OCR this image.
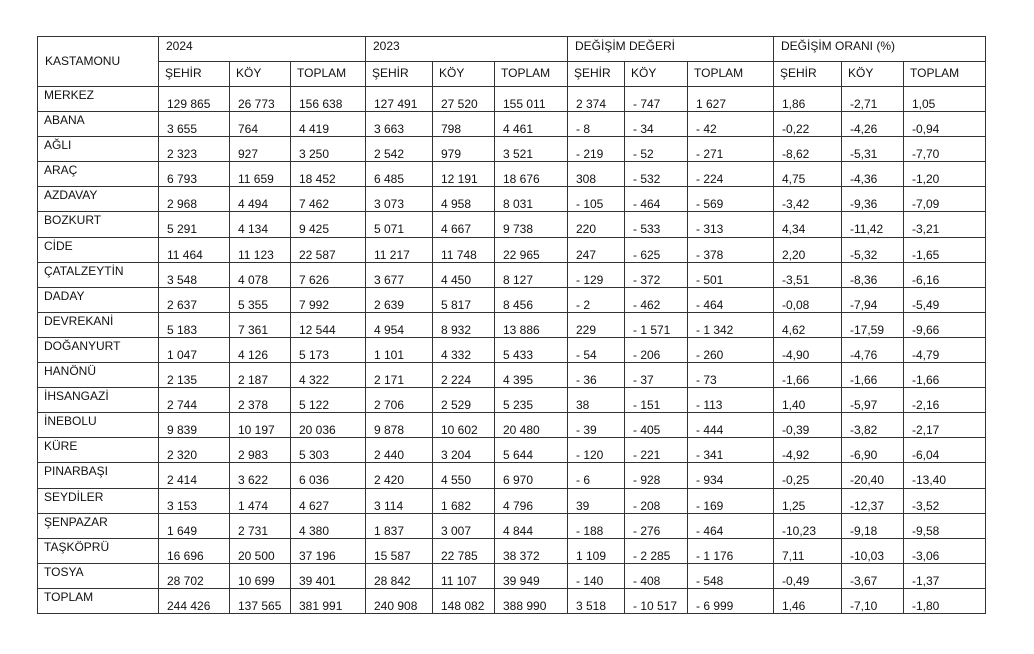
KASTAMONU	2024			2023			DEĞİŞİM DEĞERİ			DEĞİŞİM ORANI (%)		

	ŞEHİR	KÖY	TOPLAM	ŞEHİR	KÖY	TOPLAM	ŞEHİR	KÖY	TOPLAM	ŞEHİR	KÖY	TOPLAM

MERKEZ	129 865	26 773	156 638	127 491	27 520	155 011	2 374	- 747	1 627	1,86	-2,71	1,05

ABANA	3 655	764	4 419	3 663	798	4 461	- 8	- 34	- 42	-0,22	-4,26	-0,94

AĞLI	2 323	927	3 250	2 542	979	3 521	- 219	- 52	- 271	-8,62	-5,31	-7,70

ARAÇ	6 793	11 659	18 452	6 485	12 191	18 676	308	- 532	- 224	4,75	-4,36	-1,20

AZDAVAY	2 968	4 494	7 462	3 073	4 958	8 031	- 105	- 464	- 569	-3,42	-9,36	-7,09

BOZKURT	5 291	4 134	9 425	5 071	4 667	9 738	220	- 533	- 313	4,34	-11,42	-3,21

CİDE	11 464	11 123	22 587	11 217	11 748	22 965	247	- 625	- 378	2,20	-5,32	-1,65

ÇATALZEYTİN	3 548	4 078	7 626	3 677	4 450	8 127	- 129	- 372	- 501	-3,51	-8,36	-6,16

DADAY	2 637	5 355	7 992	2 639	5 817	8 456	- 2	- 462	- 464	-0,08	-7,94	-5,49

DEVREKANİ	5 183	7 361	12 544	4 954	8 932	13 886	229	- 1 571	- 1 342	4,62	-17,59	-9,66

DOĞANYURT	1 047	4 126	5 173	1 101	4 332	5 433	- 54	- 206	- 260	-4,90	-4,76	-4,79

HANÖNÜ	2 135	2 187	4 322	2 171	2 224	4 395	- 36	- 37	- 73	-1,66	-1,66	-1,66

İHSANGAZİ	2 744	2 378	5 122	2 706	2 529	5 235	38	- 151	- 113	1,40	-5,97	-2,16

İNEBOLU	9 839	10 197	20 036	9 878	10 602	20 480	- 39	- 405	- 444	-0,39	-3,82	-2,17

KÜRE	2 320	2 983	5 303	2 440	3 204	5 644	- 120	- 221	- 341	-4,92	-6,90	-6,04

PINARBAŞI	2 414	3 622	6 036	2 420	4 550	6 970	- 6	- 928	- 934	-0,25	-20,40	-13,40

SEYDİLER	3 153	1 474	4 627	3 114	1 682	4 796	39	- 208	- 169	1,25	-12,37	-3,52

ŞENPAZAR	1 649	2 731	4 380	1 837	3 007	4 844	- 188	- 276	- 464	-10,23	-9,18	-9,58

TAŞKÖPRÜ	16 696	20 500	37 196	15 587	22 785	38 372	1 109	- 2 285	- 1 176	7,11	-10,03	-3,06

TOSYA	28 702	10 699	39 401	28 842	11 107	39 949	- 140	- 408	- 548	-0,49	-3,67	-1,37

TOPLAM	244 426	137 565	381 991	240 908	148 082	388 990	3 518	- 10 517	- 6 999	1,46	-7,10	-1,80
